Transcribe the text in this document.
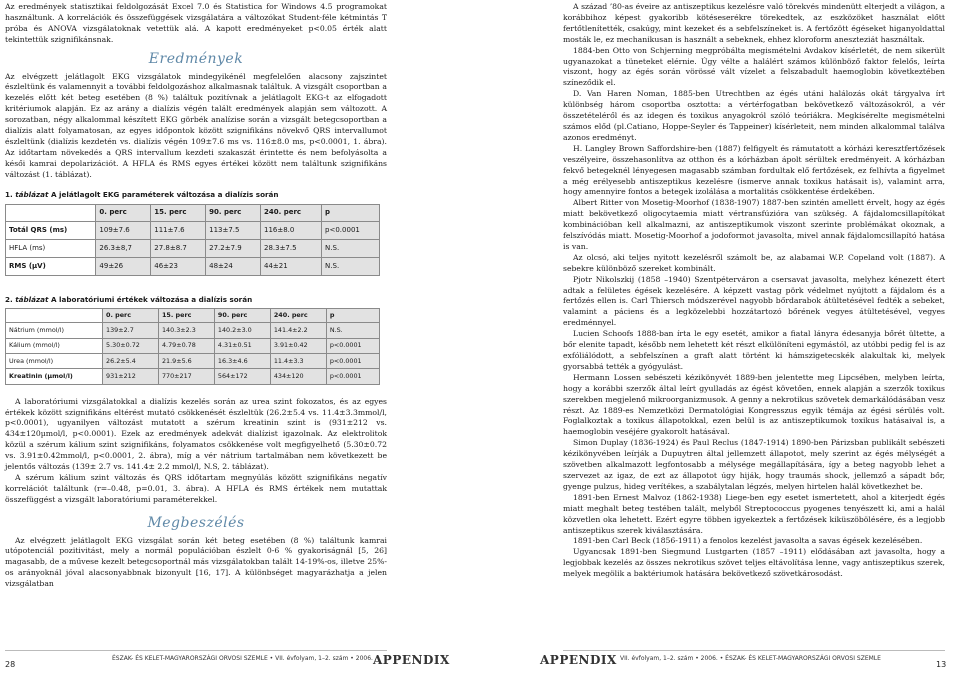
Az eredmények statisztikai feldolgozását Excel 7.0 és Statistica for Windows 4.5 programokat használtunk. A korrelációk és összefüggések vizsgálatára a változókat Student-féle kétmintás T próba és ANOVA vizsgálatoknak vetettük alá. A kapott eredményeket p<0.05 érték alatt tekintettük szignifikánsnak.

Eredmények

Az elvégzett jelátlagolt EKG vizsgálatok mindegyikénél megfelelően alacsony zajszintet észleltünk és valamennyit a további feldolgozáshoz alkalmasnak találtuk. A vizsgált csoportban a kezelés előtt két beteg esetében (8 %) találtuk pozitívnak a jelátlagolt EKG-t az elfogadott kritériumok alapján. Ez az arány a dialízis végén talált eredmények alapján sem változott. A sorozatban, négy alkalommal készített EKG görbék analízise során a vizsgált betegcsoportban a dialízis alatt folyamatosan, az egyes időpontok között szignifikáns növekvő QRS intervallumot észleltünk (dialízis kezdetén vs. dialízis végén 109±7.6 ms vs. 116±8.0 ms, p<0.0001, 1. ábra). Az időtartam növekedés a QRS intervallum kezdeti szakaszát érintette és nem befolyásolta a késői kamrai depolarizációt. A HFLA és RMS egyes értékei között nem találtunk szignifikáns változást (1. táblázat).

1. táblázat A jelátlagolt EKG paraméterek változása a dialízis során
	0. perc	15. perc	90. perc	240. perc	p
Totál QRS (ms)	109±7.6	111±7.6	113±7.5	116±8.0	p<0.0001
HFLA (ms)	26.3±8,7	27.8±8.7	27.2±7.9	28.3±7.5	N.S.
RMS (µV)	49±26	46±23	48±24	44±21	N.S.
2. táblázat A laboratóriumi értékek változása a dialízis során
	0. perc	15. perc	90. perc	240. perc	p
Nátrium (mmol/l)	139±2.7	140.3±2.3	140.2±3.0	141.4±2.2	N.S.
Kálium (mmol/l)	5.30±0.72	4.79±0.78	4.31±0.51	3.91±0.42	p<0.0001
Urea (mmol/l)	26.2±5.4	21.9±5.6	16.3±4.6	11.4±3.3	p<0.0001
Kreatinin (µmol/l)	931±212	770±217	564±172	434±120	p<0.0001

A laboratóriumi vizsgálatokkal a dialízis kezelés során az urea szint fokozatos, és az egyes értékek között szignifikáns eltérést mutató csökkenését észleltük (26.2±5.4 vs. 11.4±3.3mmol/l, p<0.0001), ugyanilyen változást mutatott a szérum kreatinin szint is (931±212 vs. 434±120µmol/l, p<0.0001). Ezek az eredmények adekvát dialízist igazolnak. Az elektrolitok közül a szérum kálium szint szignifikáns, folyamatos csökkenése volt megfigyelhető (5.30±0.72 vs. 3.91±0.42mmol/l, p<0.0001, 2. ábra), míg a vér nátrium tartalmában nem következett be jelentős változás (139± 2.7 vs. 141.4± 2.2 mmol/l, N.S, 2. táblázat).

A szérum kálium szint változás és QRS időtartam megnyúlás között szignifikáns negatív korrelációt találtunk (r=–0.48, p=0.01, 3. ábra). A HFLA és RMS értékek nem mutattak összefüggést a vizsgált laboratóriumi paraméterekkel.

Megbeszélés

Az elvégzett jelátlagolt EKG vizsgálat során két beteg esetében (8 %) találtunk kamrai utópotenciál pozitivitást, mely a normál populációban észlelt 0-6 % gyakoriságnál [5, 26] magasabb, de a művese kezelt betegcsoportnál más vizsgálatokban talált 14-19%-os, illetve 25%-os arányoknál jóval alacsonyabbnak bizonyult [16, 17]. A különbséget magyarázhatja a jelen vizsgálatban

A század ’80-as éveire az antiszeptikus kezelésre való törekvés mindenütt elterjedt a világon, a korábbihoz képest gyakoribb kötéseserékre törekedtek, az eszközöket használat előtt fertőtlenítették, csakúgy, mint kezeket és a sebfelszíneket is. A fertőzött égéseket higanyoldattal mosták le, ez mechanikusan is használt a sebeknek, ehhez kloroform aneszteziát használtak.

1884-ben Otto von Schjerning megpróbálta megismételni Avdakov kísérletét, de nem sikerült ugyanazokat a tüneteket elérnie. Úgy vélte a halálért számos különböző faktor felelős, leírta viszont, hogy az égés során vörössé vált vízelet a felszabadult haemoglobin következtében színeződik el.

D. Van Haren Noman, 1885-ben Utrechtben az égés utáni halálozás okát tárgyalva írt különbség három csoportba osztotta: a vértérfogatban bekövetkező változásokról, a vér összetételéről és az idegen és toxikus anyagokról szóló teóriákra. Megkísérelte megismételni számos előd (pl.Catiano, Hoppe-Seyler és Tappeiner) kísérleteit, nem minden alkalommal találva azonos eredményt.

H. Langley Brown Saffordshire-ben (1887) felfigyelt és rámutatott a kórházi keresztfertőzések veszélyeire, összehasonlítva az otthon és a kórházban ápolt sérültek eredményeit. A kórházban fekvő betegeknél lényegesen magasabb számban fordultak elő fertőzések, ez felhívta a figyelmet a még erélyesebb antiszeptikus kezelésre (ismerve annak toxikus hatásait is), valamint arra, hogy amennyire fontos a betegek izolálása a mortalitás csökkentése érdekében.

Albert Ritter von Mosetig-Moorhof (1838-1907) 1887-ben szintén amellett érvelt, hogy az égés miatt bekövetkező oligocytaemia miatt vértransfúzióra van szükség. A fájdalomcsillapítókat kombinációban kell alkalmazni, az antiszeptikumok viszont szerinte problémákat okoznak, a felszívódás miatt. Mosetig-Moorhof a jodoformot javasolta, mivel annak fájdalomcsillapító hatása is van.

Az olcsó, aki teljes nyitott kezelésről számolt be, az alabamai W.P. Copeland volt (1887). A sebekre különböző szereket kombinált.

Pjotr Nikolszkij (1858 –1940) Szentpéterváron a csersavat javasolta, melyhez kénezett étert adtak a felületes égések kezelésére. A képzett vastag pörk védelmet nyújtott a fájdalom és a fertőzés ellen is. Carl Thiersch módszerével nagyobb bőrdarabok átültetésével fedték a sebeket, valamint a páciens és a legközelebbi hozzátartozó bőrének vegyes átültetésével, vegyes eredménnyel.

Lucien Schoofs 1888-ban írta le egy esetét, amikor a fiatal lányra édesanyja bőrét ültette, a bőr elenite tapadt, később nem lehetett két részt elkülöníteni egymástól, az utóbbi pedig fel is az exfóliálódott, a sebfelszínen a graft alatt történt ki hámszigetecskék alakultak ki, melyek gyorsabbá tették a gyógyulást.

Hermann Lossen sebészeti kézikönyvét 1889-ben jelentette meg Lipcsében, melyben leírta, hogy a korábbi szerzők által leírt gyulladás az égést követően, ennek alapján a szerzők toxikus szerekben megjelenő mikroorganizmusok. A genny a nekrotikus szövetek demarkálódásában vesz részt. Az 1889-es Nemzetközi Dermatológiai Kongresszus egyik témája az égési sérülés volt. Foglalkoztak a toxikus állapotokkal, ezen belül is az antiszeptikumok toxikus hatásaival is, a haemoglobin veséjére gyakorolt hatásával.

Simon Duplay (1836-1924) és Paul Reclus (1847-1914) 1890-ben Párizsban publikált sebészeti kézikönyvében leírják a Dupuytren által jellemzett állapotot, mely szerint az égés mélységét a szövetben alkalmazott legfontosabb a mélysége megállapítására, így a beteg nagyobb lehet a szervezet az igaz, de ezt az állapotot úgy hiják, hogy traumás shock, jellemző a sápadt bőr, gyenge pulzus, hideg verítékes, a szabálytalan légzés, melyen hirtelen halál következhet be.

1891-ben Ernest Malvoz (1862-1938) Liege-ben egy esetet ismertetett, ahol a kiterjedt égés miatt meghalt beteg testében talált, melyből Streptococcus pyogenes tenyészett ki, ami a halál közvetlen oka lehetett. Ezért egyre többen igyekeztek a fertőzések kiküszöbölésére, és a legjobb antiszeptikus szerek kiválasztására.

1891-ben Carl Beck (1856-1911) a fenolos kezelést javasolta a savas égések kezelésében.

Ugyancsak 1891-ben Siegmund Lustgarten (1857 –1911) elődásában azt javasolta, hogy a legjobbak kezelés az összes nekrotikus szövet teljes eltávolítása lenne, vagy antiszeptikus szerek, melyek megölik a baktériumok hatására bekövetkező szövetkárosodást.

28
ÉSZAK- ÉS KELET-MAGYARORSZÁGI ORVOSI SZEMLE • VII. évfolyam, 1–2. szám • 2006. APPENDIX	APPENDIX VII. évfolyam, 1–2. szám • 2006. • ÉSZAK- ÉS KELET-MAGYARORSZÁGI ORVOSI SZEMLE
13
